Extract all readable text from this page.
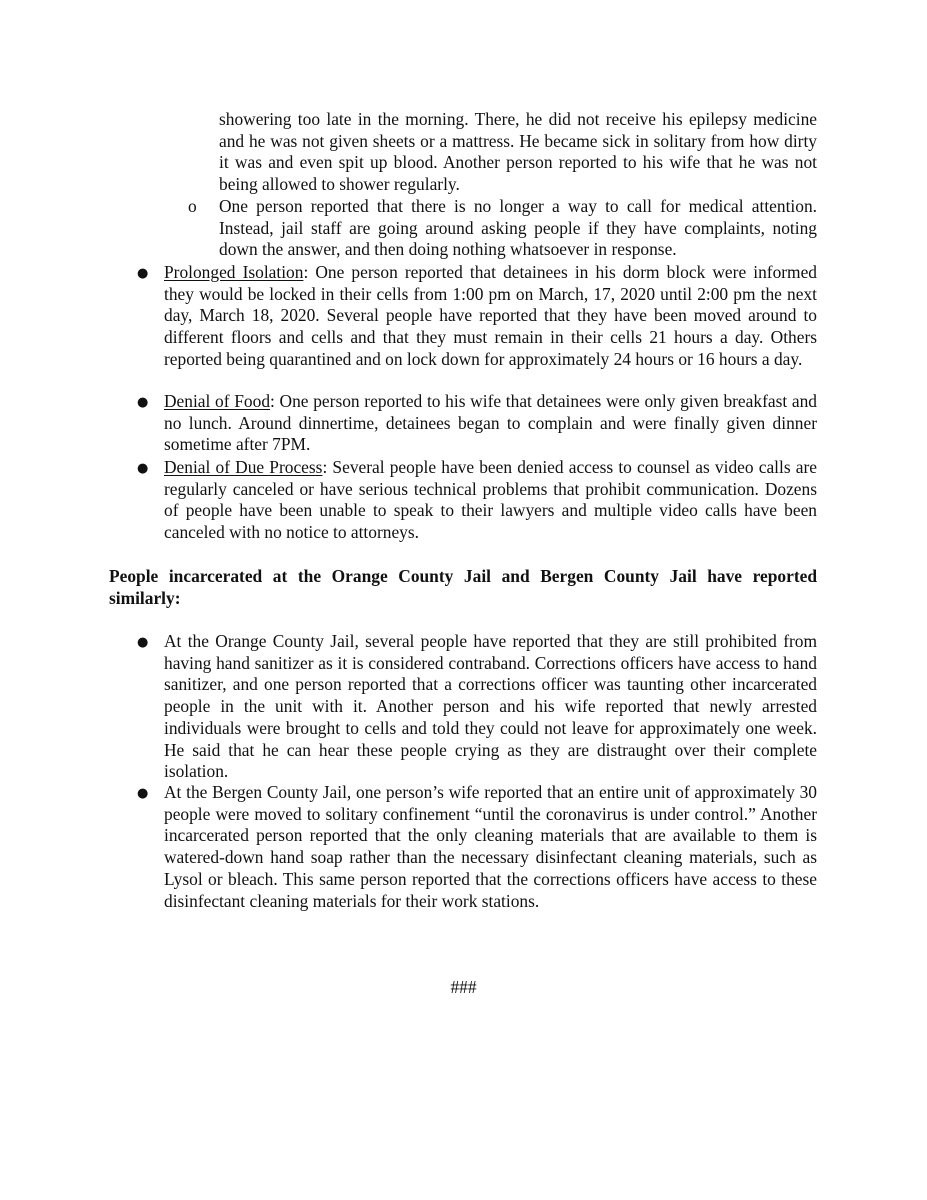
showering too late in the morning. There, he did not receive his epilepsy medicine and he was not given sheets or a mattress. He became sick in solitary from how dirty it was and even spit up blood. Another person reported to his wife that he was not being allowed to shower regularly.

o	One person reported that there is no longer a way to call for medical attention. Instead, jail staff are going around asking people if they have complaints, noting down the answer, and then doing nothing whatsoever in response.

● Prolonged Isolation: One person reported that detainees in his dorm block were informed they would be locked in their cells from 1:00 pm on March, 17, 2020 until 2:00 pm the next day, March 18, 2020. Several people have reported that they have been moved around to different floors and cells and that they must remain in their cells 21 hours a day. Others reported being quarantined and on lock down for approximately 24 hours or 16 hours a day.

● Denial of Food: One person reported to his wife that detainees were only given breakfast and no lunch. Around dinnertime, detainees began to complain and were finally given dinner sometime after 7PM.

● Denial of Due Process: Several people have been denied access to counsel as video calls are regularly canceled or have serious technical problems that prohibit communication. Dozens of people have been unable to speak to their lawyers and multiple video calls have been canceled with no notice to attorneys.

People incarcerated at the Orange County Jail and Bergen County Jail have reported similarly:

● At the Orange County Jail, several people have reported that they are still prohibited from having hand sanitizer as it is considered contraband. Corrections officers have access to hand sanitizer, and one person reported that a corrections officer was taunting other incarcerated people in the unit with it. Another person and his wife reported that newly arrested individuals were brought to cells and told they could not leave for approximately one week. He said that he can hear these people crying as they are distraught over their complete isolation.

● At the Bergen County Jail, one person’s wife reported that an entire unit of approximately 30 people were moved to solitary confinement “until the coronavirus is under control.” Another incarcerated person reported that the only cleaning materials that are available to them is watered-down hand soap rather than the necessary disinfectant cleaning materials, such as Lysol or bleach. This same person reported that the corrections officers have access to these disinfectant cleaning materials for their work stations.

###
